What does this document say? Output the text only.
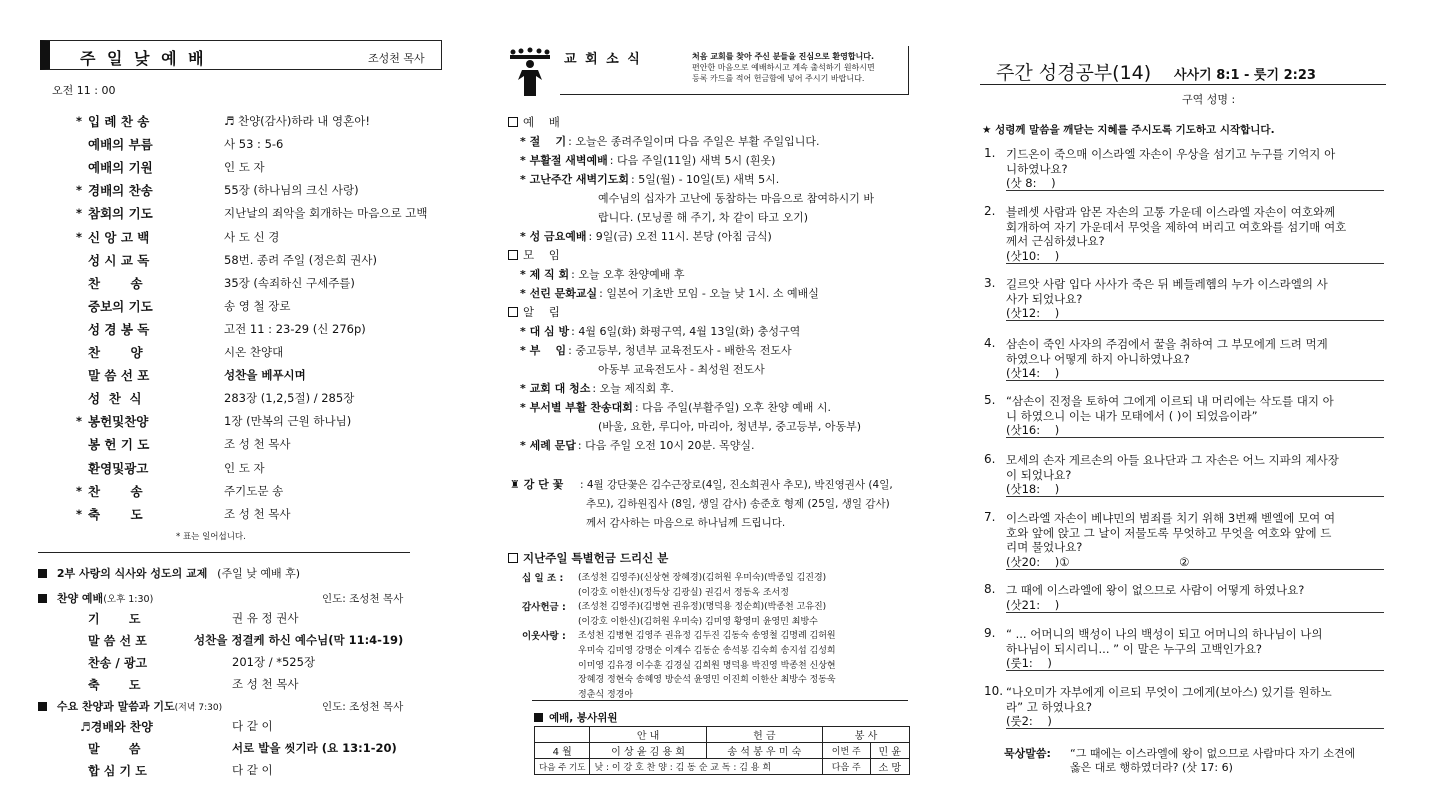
주 일 낮 예 배	조성천 목사
오전 11 : 00
* 입 례 찬 송	♬ 찬양(감사)하라 내 영혼아!
예배의 부름	사 53 : 5-6
예배의 기원	인 도 자
* 경배의 찬송	55장 (하나님의 크신 사랑)
* 참회의 기도	지난날의 죄악을 회개하는 마음으로 고백
* 신 앙 고 백	사 도 신 경
성 시 교 독	58번. 종려 주일 (정은희 권사)
찬       송	35장 (속죄하신 구세주를)
중보의 기도	송 영 철 장로
성 경 봉 독	고전 11 : 23-29 (신 276p)
찬       양	시온 찬양대
말 씀 선 포	성찬을 베푸시며
성  찬  식	283장 (1,2,5절) / 285장
* 봉헌및찬양	1장 (만복의 근원 하나님)
봉 헌 기 도	조 성 천 목사
환영및광고	인 도 자
* 찬       송	주기도문 송
* 축       도	조 성 천 목사
* 표는 일어섭니다.
2부 사랑의 식사와 성도의 교제 (주일 낮 예배 후)
찬양 예배(오후 1:30)	인도: 조성천 목사
기       도	권 유 정 권사
말 씀 선 포	성찬을 정결케 하신 예수님(막 11:4-19)
찬송 / 광고	201장 / *525장
축       도	조 성 천 목사
수요 찬양과 말씀과 기도(저녁 7:30)	인도: 조성천 목사
♬경배와 찬양	다 같 이
말       씀	서로 발을 씻기라 (요 13:1-20)
합 심 기 도	다 같 이
교 회 소 식	처음 교회를 찾아 주신 분들을 진심으로 환영합니다.
편안한 마음으로 예배하시고 계속 출석하기 원하시면
등록 카드를 적어 헌금함에 넣어 주시기 바랍니다.
예    배
* 절    기 : 오늘은 종려주일이며 다음 주일은 부활 주일입니다.
* 부활절 새벽예배 : 다음 주일(11일) 새벽 5시 (흰옷)
* 고난주간 새벽기도회 : 5일(월) - 10일(토) 새벽 5시.
예수님의 십자가 고난에 동참하는 마음으로 참여하시기 바
랍니다. (모닝콜 해 주기, 차 같이 타고 오기)
* 성 금요예배 : 9일(금) 오전 11시. 본당 (아침 금식)
모    임
* 제 직 회 : 오늘 오후 찬양예배 후
* 선린 문화교실 : 일본어 기초반 모임 - 오늘 낮 1시. 소 예배실
알    림
* 대 심 방 : 4월 6일(화) 화평구역, 4월 13일(화) 충성구역
* 부    임 : 중고등부, 청년부 교육전도사 - 배한옥 전도사
아동부 교육전도사 - 최성원 전도사
* 교회 대 청소 : 오늘 제직회 후.
* 부서별 부활 찬송대회 : 다음 주일(부활주일) 오후 찬양 예배 시.
(바울, 요한, 루디아, 마리아, 청년부, 중고등부, 아동부)
* 세례 문답 : 다음 주일 오전 10시 20분. 목양실.
♜ 강 단 꽃 : 4월 강단꽃은 김수근장로(4일, 진소희권사 추모), 박진영권사 (4일,
추모), 김하원집사 (8일, 생일 감사) 송준호 형제 (25일, 생일 감사)
께서 감사하는 마음으로 하나님께 드립니다.
지난주일 특별헌금 드리신 분
십 일 조 : (조성천 김영주)(신상현 장혜경)(김허원 우미숙)(박종일 김진경)
(이강호 이한신)(정득상 김광실) 권김서 정동옥 조서정
감사헌금 : (조성천 김영주)(김병현 권유정)(명덕용 정순희)(박종천 고유진)
(이강호 이한신)(김허원 우미숙) 김미영 황영미 윤영민 최방수
이웃사랑 : 조성천 김병현 김영주 권유정 김두진 김동숙 송영철 김명례 김허원
우미숙 김미영 강명순 이계수 김동순 송석봉 김숙희 송지섭 김성희
이미영 김유경 이수훈 김경실 김희원 명덕용 박진영 박종천 신상현
장혜경 정현숙 송혜영 방순석 윤영민 이진희 이한산 최방수 정동욱
정춘식 정경아
예배, 봉사위원
	안 내	헌 금	봉 사	
4 월	이 상 윤 김 용 희	송 석 봉 우 미 숙	이번 주	민 윤
다음 주 기도	낮 : 이 강 호 찬 양 : 김 동 순 교 독 : 김 용 희		다음 주	소 망
주간 성경공부(14) 사사기 8:1 - 룻기 2:23
구역 성명 :
★ 성령께 말씀을 깨닫는 지혜를 주시도록 기도하고 시작합니다.
1. 기드온이 죽으매 이스라엘 자손이 우상을 섬기고 누구를 기억지 아
니하였나요?
(삿 8:    )
2. 블레셋 사람과 암몬 자손의 고통 가운데 이스라엘 자손이 여호와께
회개하여 자기 가운데서 무엇을 제하여 버리고 여호와를 섬기매 여호
께서 근심하셨나요?
(삿10:    )
3. 길르앗 사람 입다 사사가 죽은 뒤 베들레헴의 누가 이스라엘의 사
사가 되었나요?
(삿12:    )
4. 삼손이 죽인 사자의 주검에서 꿀을 취하여 그 부모에게 드려 먹게
하였으나 어떻게 하지 아니하였나요?
(삿14:    )
5. “삼손이 진정을 토하여 그에게 이르되 내 머리에는 삭도를 대지 아
니 하였으니 이는 내가 모태에서 ( )이 되었음이라”
(삿16:    )
6. 모세의 손자 게르손의 아들 요나단과 그 자손은 어느 지파의 제사장
이 되었나요?
(삿18:    )
7. 이스라엘 자손이 베냐민의 범죄를 치기 위해 3번째 벧엘에 모여 여
호와 앞에 앉고 그 날이 저물도록 무엇하고 무엇을 여호와 앞에 드
리며 물었나요?
(삿20:    )①                              ②
8. 그 때에 이스라엘에 왕이 없으므로 사람이 어떻게 하였나요?
(삿21:    )
9. “ ... 어머니의 백성이 나의 백성이 되고 어머니의 하나님이 나의
하나님이 되시리니... ” 이 말은 누구의 고백인가요?
(룻1:    )
10. “나오미가 자부에게 이르되 무엇이 그에게(보아스) 있기를 원하노
라” 고 하였나요?
(룻2:    )
묵상말씀: “그 때에는 이스라엘에 왕이 없으므로 사람마다 자기 소견에
옳은 대로 행하였더라? (삿 17: 6)
